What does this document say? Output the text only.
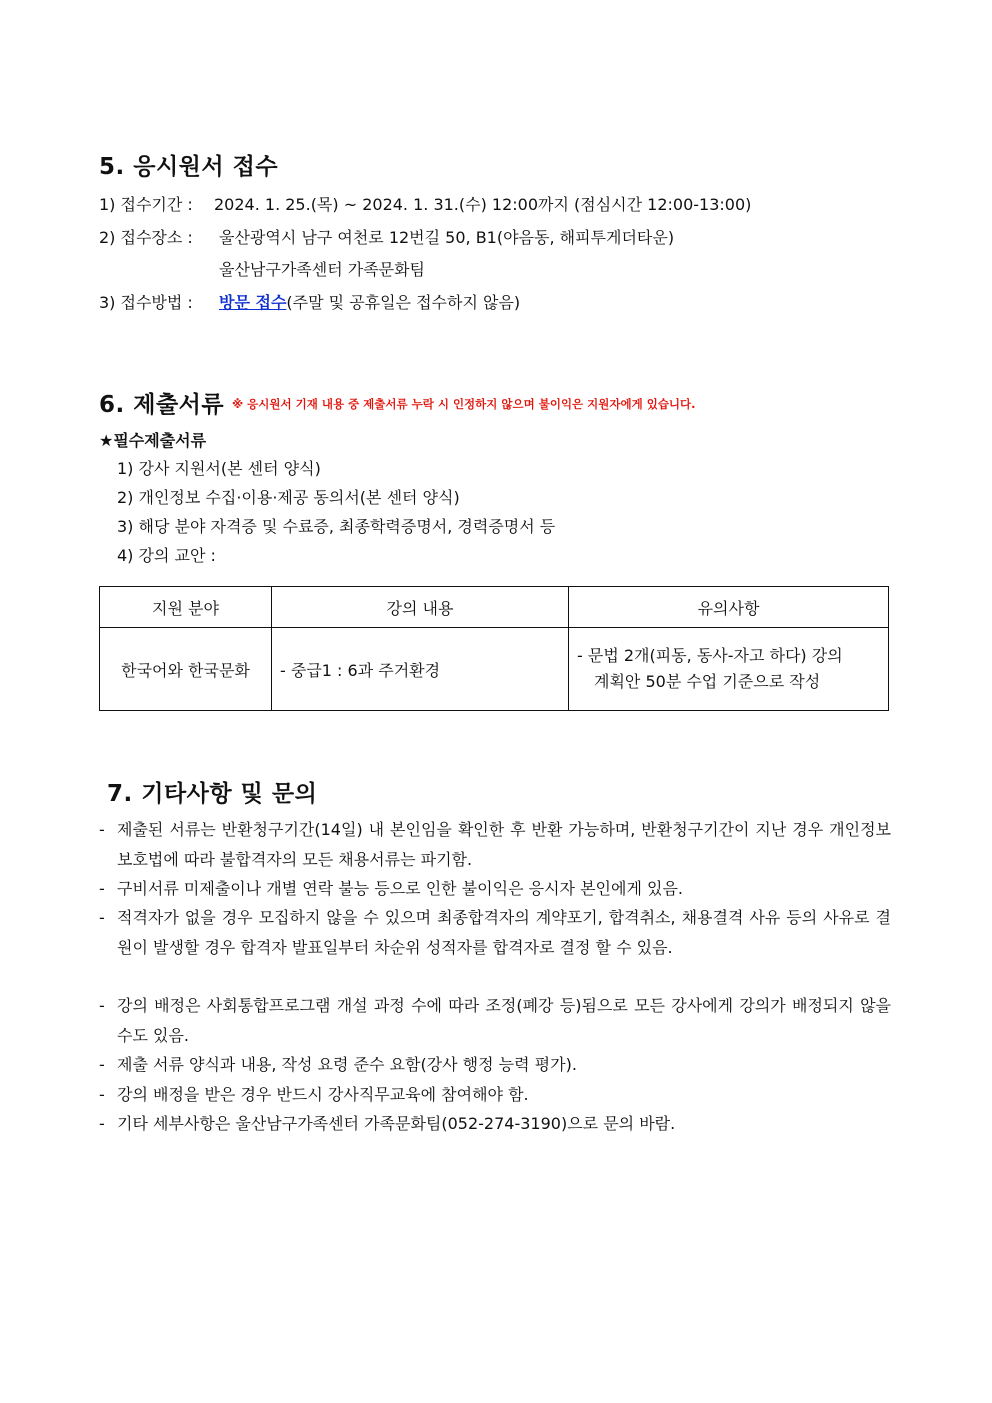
5. 응시원서 접수
1) 접수기간 : 2024. 1. 25.(목) ~ 2024. 1. 31.(수) 12:00까지 (점심시간 12:00-13:00)
2) 접수장소 : 울산광역시 남구 여천로 12번길 50, B1(야음동, 해피투게더타운)
울산남구가족센터 가족문화팀
3) 접수방법 : 방문 접수(주말 및 공휴일은 접수하지 않음)
6. 제출서류 ※ 응시원서 기재 내용 중 제출서류 누락 시 인정하지 않으며 불이익은 지원자에게 있습니다.
★필수제출서류
1) 강사 지원서(본 센터 양식)
2) 개인정보 수집·이용·제공 동의서(본 센터 양식)
3) 해당 분야 자격증 및 수료증, 최종학력증명서, 경력증명서 등
4) 강의 교안 :
지원 분야	강의 내용	유의사항
한국어와 한국문화	- 중급1 : 6과 주거환경	- 문법 2개(피동, 동사-자고 하다) 강의
계획안 50분 수업 기준으로 작성
7. 기타사항 및 문의
- 제출된 서류는 반환청구기간(14일) 내 본인임을 확인한 후 반환 가능하며, 반환청구기간이 지난 경우 개인정보보호법에 따라 불합격자의 모든 채용서류는 파기함.
- 구비서류 미제출이나 개별 연락 불능 등으로 인한 불이익은 응시자 본인에게 있음.
- 적격자가 없을 경우 모집하지 않을 수 있으며 최종합격자의 계약포기, 합격취소, 채용결격 사유 등의 사유로 결원이 발생할 경우 합격자 발표일부터 차순위 성적자를 합격자로 결정 할 수 있음.
- 강의 배정은 사회통합프로그램 개설 과정 수에 따라 조정(폐강 등)됨으로 모든 강사에게 강의가 배정되지 않을 수도 있음.
- 제출 서류 양식과 내용, 작성 요령 준수 요함(강사 행정 능력 평가).
- 강의 배정을 받은 경우 반드시 강사직무교육에 참여해야 함.
- 기타 세부사항은 울산남구가족센터 가족문화팀(052-274-3190)으로 문의 바람.
